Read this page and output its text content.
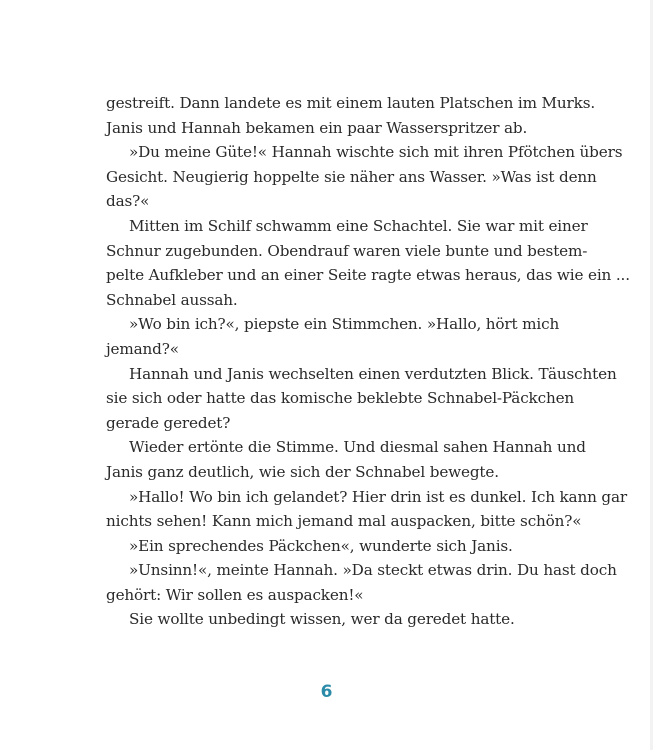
gestreift. Dann landete es mit einem lauten Platschen im Murks.
Janis und Hannah bekamen ein paar Wasserspritzer ab.
»Du meine Güte!« Hannah wischte sich mit ihren Pfötchen übers
Gesicht. Neugierig hoppelte sie näher ans Wasser. »Was ist denn
das?«
Mitten im Schilf schwamm eine Schachtel. Sie war mit einer
Schnur zugebunden. Obendrauf waren viele bunte und bestem-
pelte Aufkleber und an einer Seite ragte etwas heraus, das wie ein ...
Schnabel aussah.
»Wo bin ich?«, piepste ein Stimmchen. »Hallo, hört mich
jemand?«
Hannah und Janis wechselten einen verdutzten Blick. Täuschten
sie sich oder hatte das komische beklebte Schnabel-Päckchen
gerade geredet?
Wieder ertönte die Stimme. Und diesmal sahen Hannah und
Janis ganz deutlich, wie sich der Schnabel bewegte.
»Hallo! Wo bin ich gelandet? Hier drin ist es dunkel. Ich kann gar
nichts sehen! Kann mich jemand mal auspacken, bitte schön?«
»Ein sprechendes Päckchen«, wunderte sich Janis.
»Unsinn!«, meinte Hannah. »Da steckt etwas drin. Du hast doch
gehört: Wir sollen es auspacken!«
Sie wollte unbedingt wissen, wer da geredet hatte.
6
